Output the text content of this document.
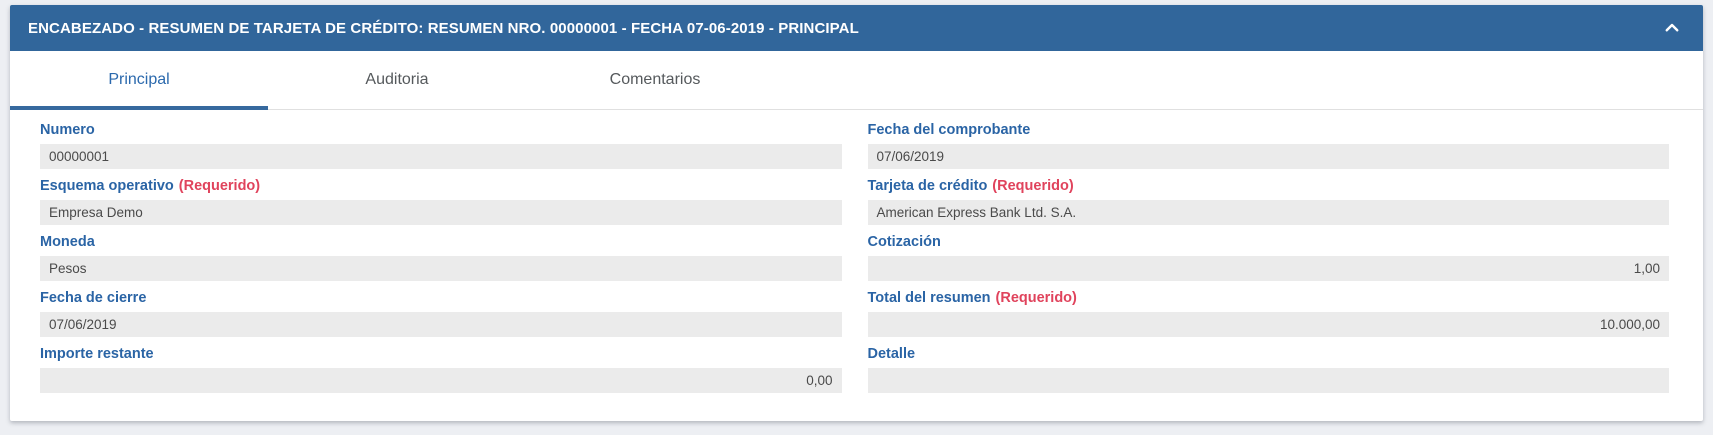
ENCABEZADO - RESUMEN DE TARJETA DE CRÉDITO: RESUMEN NRO. 00000001 - FECHA 07-06-2019 - PRINCIPAL
Principal	Auditoria	Comentarios
Numero
00000001
Esquema operativo (Requerido)
Empresa Demo
Moneda
Pesos
Fecha de cierre
07/06/2019
Importe restante
0,00
Fecha del comprobante
07/06/2019
Tarjeta de crédito (Requerido)
American Express Bank Ltd. S.A.
Cotización
1,00
Total del resumen (Requerido)
10.000,00
Detalle
